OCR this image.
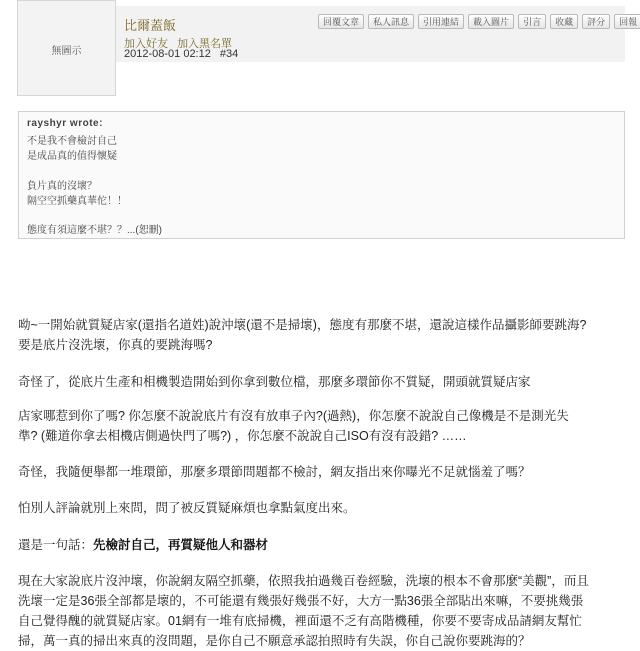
無圖示
比爾蓋飯
加入好友 加入黑名單
2012-08-01 02:12 #34
回覆文章	私人訊息	引用連結	載入圖片	引言	收藏	評分	回報
rayshyr wrote:
不是我不會檢討自己
是成品真的值得懷疑
負片真的沒壞？
隔空空抓藥真華佗！！
態度有須這麼不堪？？...(恕刪)
呦~一開始就質疑店家(還指名道姓)說沖壞(還不是掃壞)，態度有那麼不堪，還說這樣作品攝影師要跳海?
要是底片沒洗壞，你真的要跳海嗎?
奇怪了，從底片生產和相機製造開始到你拿到數位檔，那麼多環節你不質疑，開頭就質疑店家
店家哪惹到你了嗎? 你怎麼不說說底片有沒有放車子內?(過熱)，你怎麼不說說自己像機是不是測光失
準? (難道你拿去相機店側過快門了嗎?) ，你怎麼不說說自己ISO有沒有設錯? ……
奇怪，我隨便舉都一堆環節，那麼多環節問題都不檢討，網友指出來你曝光不足就惱羞了嗎？
怕別人評論就別上來問，問了被反質疑麻煩也拿點氣度出來。
還是一句話：先檢討自己，再質疑他人和器材
現在大家說底片沒沖壞，你說網友隔空抓藥，依照我拍過幾百卷經驗，洗壞的根本不會那麼“美觀”，而且
洗壞一定是36張全部都是壞的，不可能還有幾張好幾張不好，大方一點36張全部貼出來嘛，不要挑幾張
自己覺得醜的就質疑店家。01網有一堆有底掃機，裡面還不乏有高階機種，你要不要寄成品請網友幫忙
掃，萬一真的掃出來真的沒問題，是你自己不願意承認拍照時有失誤，你自己說你要跳海的？
